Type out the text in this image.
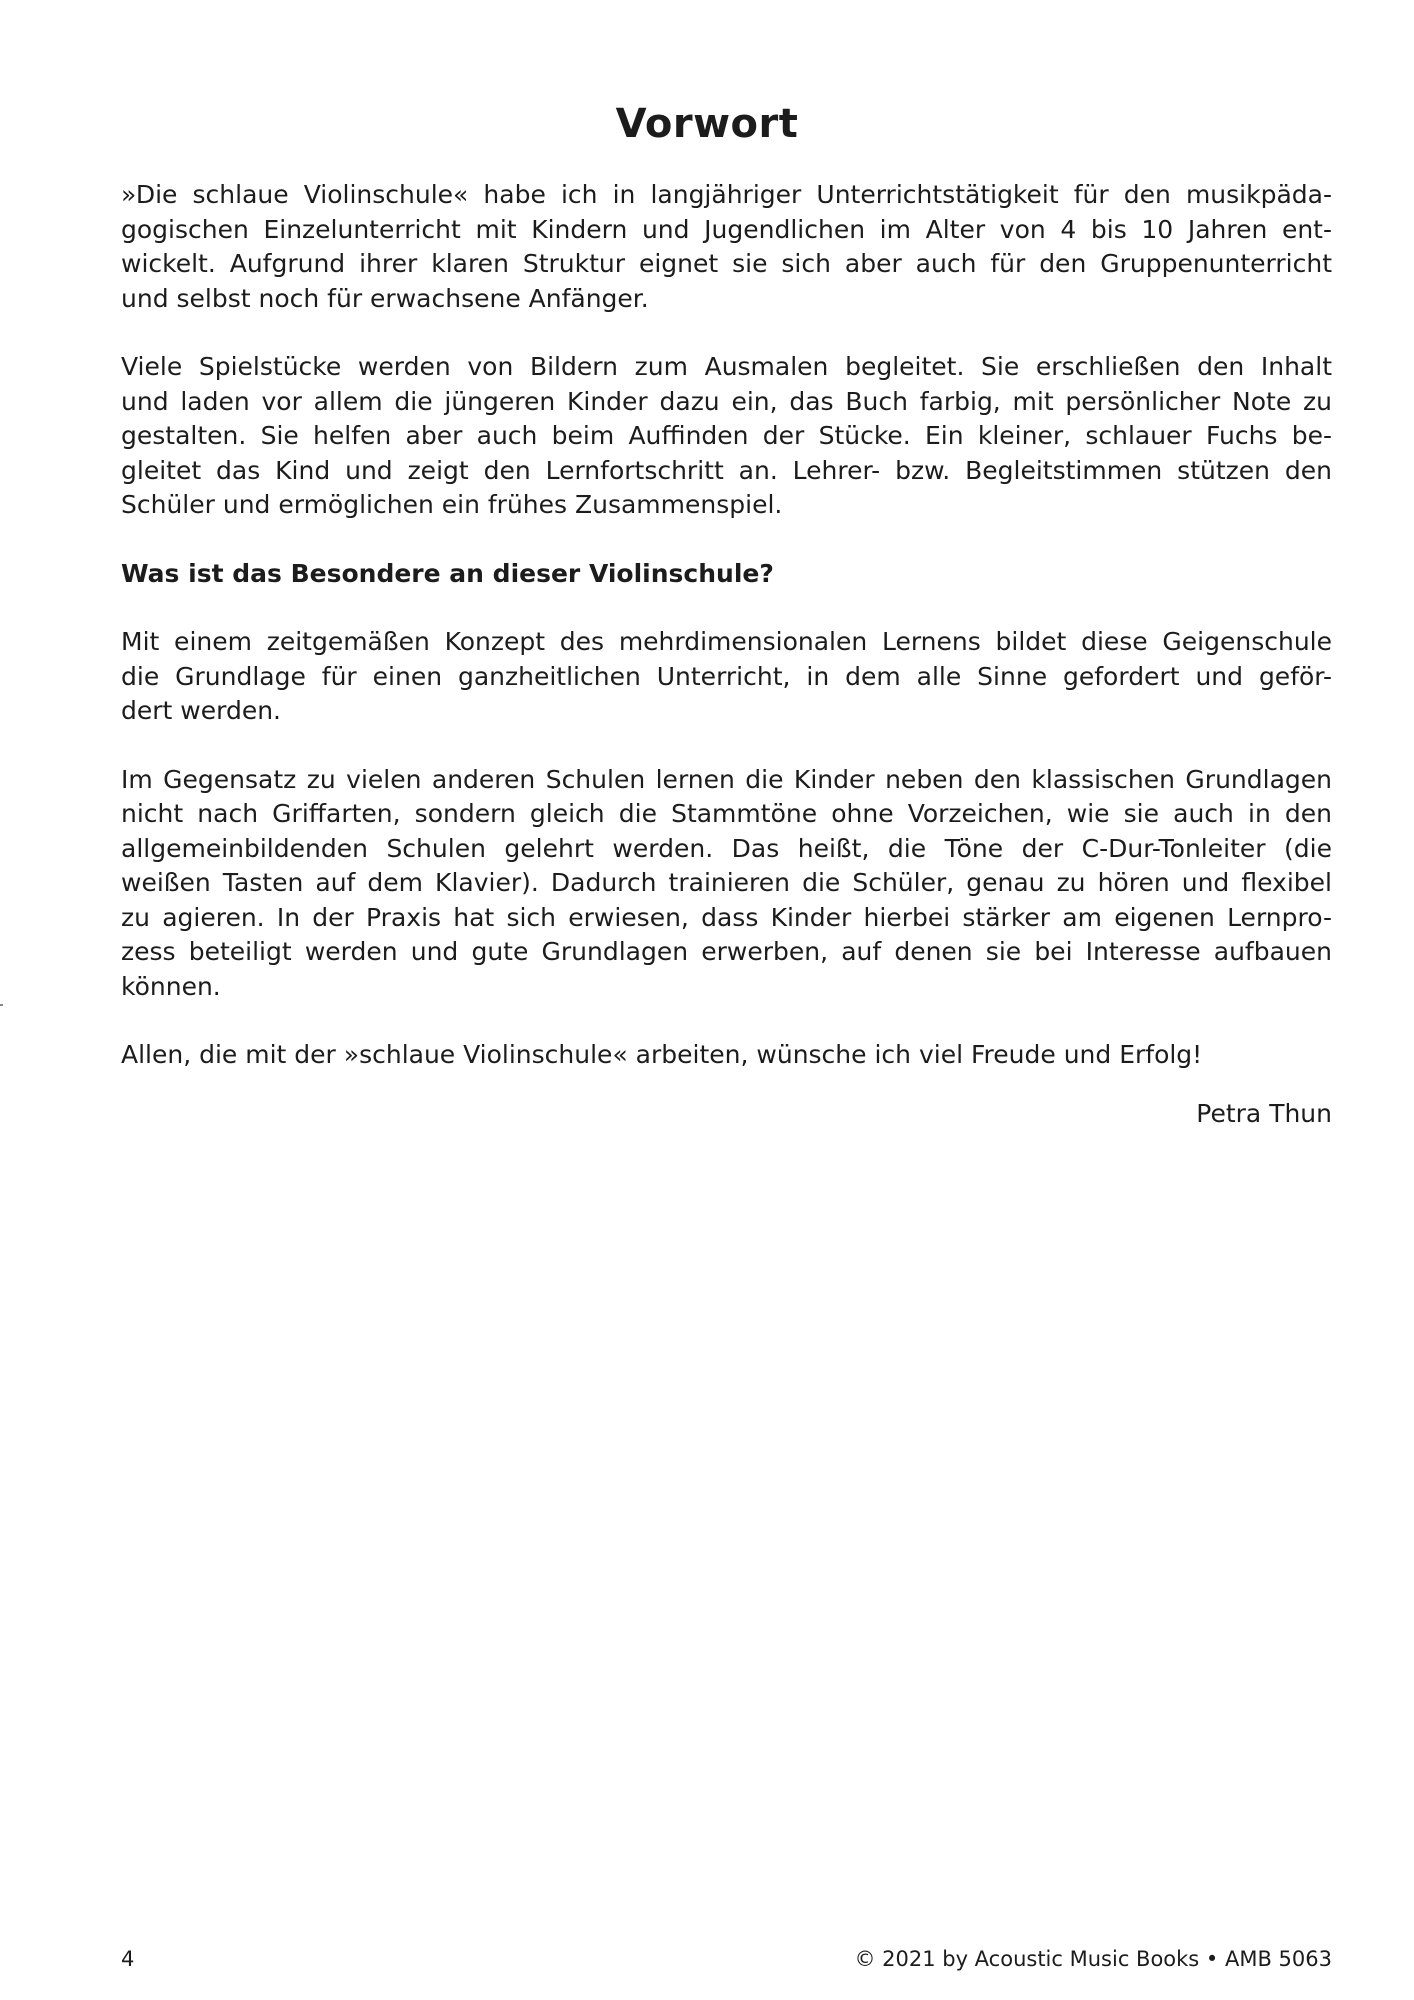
Vorwort

»Die schlaue Violinschule« habe ich in langjähriger Unterrichtstätigkeit für den musikpäda-
gogischen Einzelunterricht mit Kindern und Jugendlichen im Alter von 4 bis 10 Jahren ent-
wickelt. Aufgrund ihrer klaren Struktur eignet sie sich aber auch für den Gruppenunterricht
und selbst noch für erwachsene Anfänger.

Viele Spielstücke werden von Bildern zum Ausmalen begleitet. Sie erschließen den Inhalt
und laden vor allem die jüngeren Kinder dazu ein, das Buch farbig, mit persönlicher Note zu
gestalten. Sie helfen aber auch beim Auffinden der Stücke. Ein kleiner, schlauer Fuchs be-
gleitet das Kind und zeigt den Lernfortschritt an. Lehrer- bzw. Begleitstimmen stützen den
Schüler und ermöglichen ein frühes Zusammenspiel.

Was ist das Besondere an dieser Violinschule?

Mit einem zeitgemäßen Konzept des mehrdimensionalen Lernens bildet diese Geigenschule
die Grundlage für einen ganzheitlichen Unterricht, in dem alle Sinne gefordert und geför-
dert werden.

Im Gegensatz zu vielen anderen Schulen lernen die Kinder neben den klassischen Grundlagen
nicht nach Griffarten, sondern gleich die Stammtöne ohne Vorzeichen, wie sie auch in den
allgemeinbildenden Schulen gelehrt werden. Das heißt, die Töne der C-Dur-Tonleiter (die
weißen Tasten auf dem Klavier). Dadurch trainieren die Schüler, genau zu hören und flexibel
zu agieren. In der Praxis hat sich erwiesen, dass Kinder hierbei stärker am eigenen Lernpro-
zess beteiligt werden und gute Grundlagen erwerben, auf denen sie bei Interesse aufbauen
können.

Allen, die mit der »schlaue Violinschule« arbeiten, wünsche ich viel Freude und Erfolg!

Petra Thun

4	© 2021 by Acoustic Music Books • AMB 5063
